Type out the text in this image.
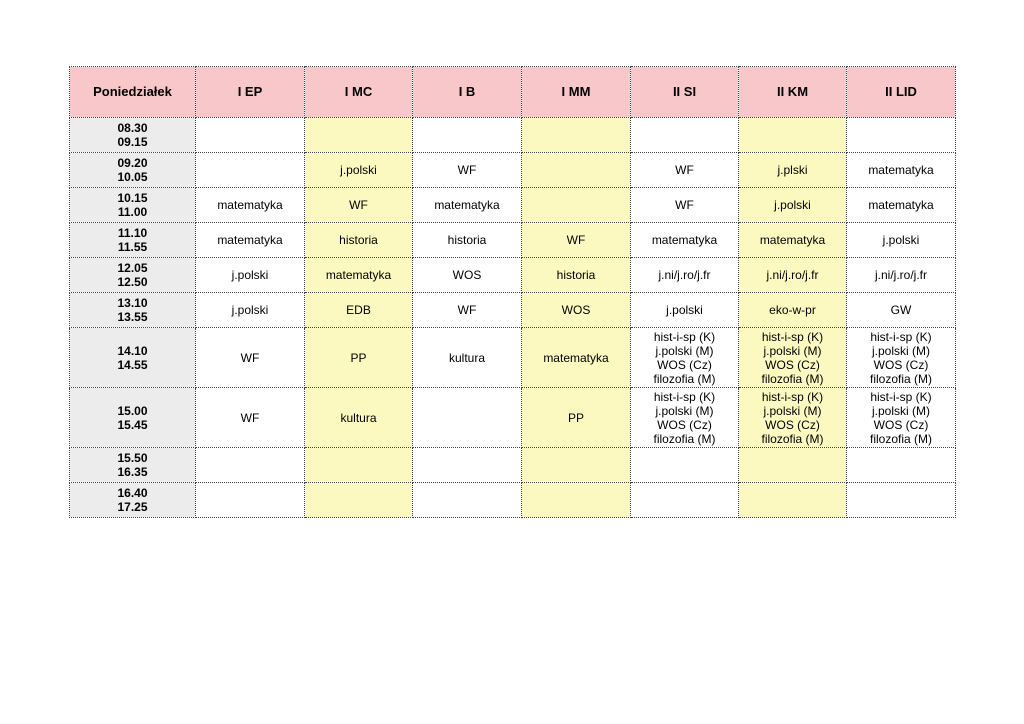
Poniedziałek	I EP	I MC	I B	I MM	II SI	II KM	II LID

08.30
09.15							

09.20
10.05		j.polski	WF		WF	j.plski	matematyka

10.15
11.00	matematyka	WF	matematyka		WF	j.polski	matematyka

11.10
11.55	matematyka	historia	historia	WF	matematyka	matematyka	j.polski

12.05
12.50	j.polski	matematyka	WOS	historia	j.ni/j.ro/j.fr	j.ni/j.ro/j.fr	j.ni/j.ro/j.fr

13.10
13.55	j.polski	EDB	WF	WOS	j.polski	eko-w-pr	GW

14.10
14.55	WF	PP	kultura	matematyka	hist-i-sp (K)
j.polski (M)
WOS (Cz)
filozofia (M)	hist-i-sp (K)
j.polski (M)
WOS (Cz)
filozofia (M)	hist-i-sp (K)
j.polski (M)
WOS (Cz)
filozofia (M)

15.00
15.45	WF	kultura		PP	hist-i-sp (K)
j.polski (M)
WOS (Cz)
filozofia (M)	hist-i-sp (K)
j.polski (M)
WOS (Cz)
filozofia (M)	hist-i-sp (K)
j.polski (M)
WOS (Cz)
filozofia (M)

15.50
16.35							

16.40
17.25							
